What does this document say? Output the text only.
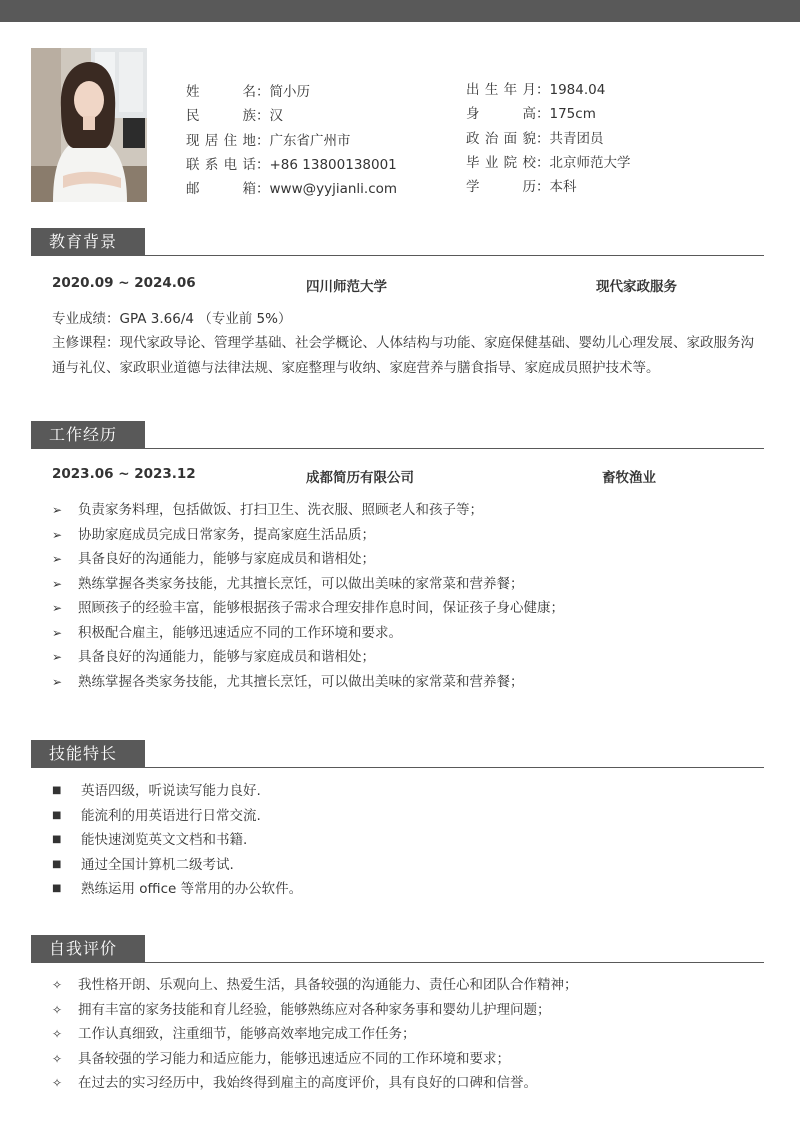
姓名 ： 简小历
民族 ： 汉
现居住地 ： 广东省广州市
联系电话 ： +86 13800138001
邮箱 ： www@yyjianli.com
出生年月 ： 1984.04
身高 ： 175cm
政治面貌 ： 共青团员
毕业院校 ： 北京师范大学
学历 ： 本科
教育背景
2020.09 ~ 2024.06	四川师范大学	现代家政服务
专业成绩：GPA 3.66/4 （专业前 5%）
主修课程：现代家政导论、管理学基础、社会学概论、人体结构与功能、家庭保健基础、婴幼儿心理发展、家政服务沟通与礼仪、家政职业道德与法律法规、家庭整理与收纳、家庭营养与膳食指导、家庭成员照护技术等。
工作经历
2023.06 ~ 2023.12	成都简历有限公司	畜牧渔业
➢	负责家务料理，包括做饭、打扫卫生、洗衣服、照顾老人和孩子等；
➢	协助家庭成员完成日常家务，提高家庭生活品质；
➢	具备良好的沟通能力，能够与家庭成员和谐相处；
➢	熟练掌握各类家务技能，尤其擅长烹饪，可以做出美味的家常菜和营养餐；
➢	照顾孩子的经验丰富，能够根据孩子需求合理安排作息时间，保证孩子身心健康；
➢	积极配合雇主，能够迅速适应不同的工作环境和要求。
➢	具备良好的沟通能力，能够与家庭成员和谐相处；
➢	熟练掌握各类家务技能，尤其擅长烹饪，可以做出美味的家常菜和营养餐；
技能特长
■	英语四级，听说读写能力良好.
■	能流利的用英语进行日常交流.
■	能快速浏览英文文档和书籍.
■	通过全国计算机二级考试.
■	熟练运用 office 等常用的办公软件。
自我评价
✧	我性格开朗、乐观向上、热爱生活，具备较强的沟通能力、责任心和团队合作精神；
✧	拥有丰富的家务技能和育儿经验，能够熟练应对各种家务事和婴幼儿护理问题；
✧	工作认真细致，注重细节，能够高效率地完成工作任务；
✧	具备较强的学习能力和适应能力，能够迅速适应不同的工作环境和要求；
✧	在过去的实习经历中，我始终得到雇主的高度评价，具有良好的口碑和信誉。
